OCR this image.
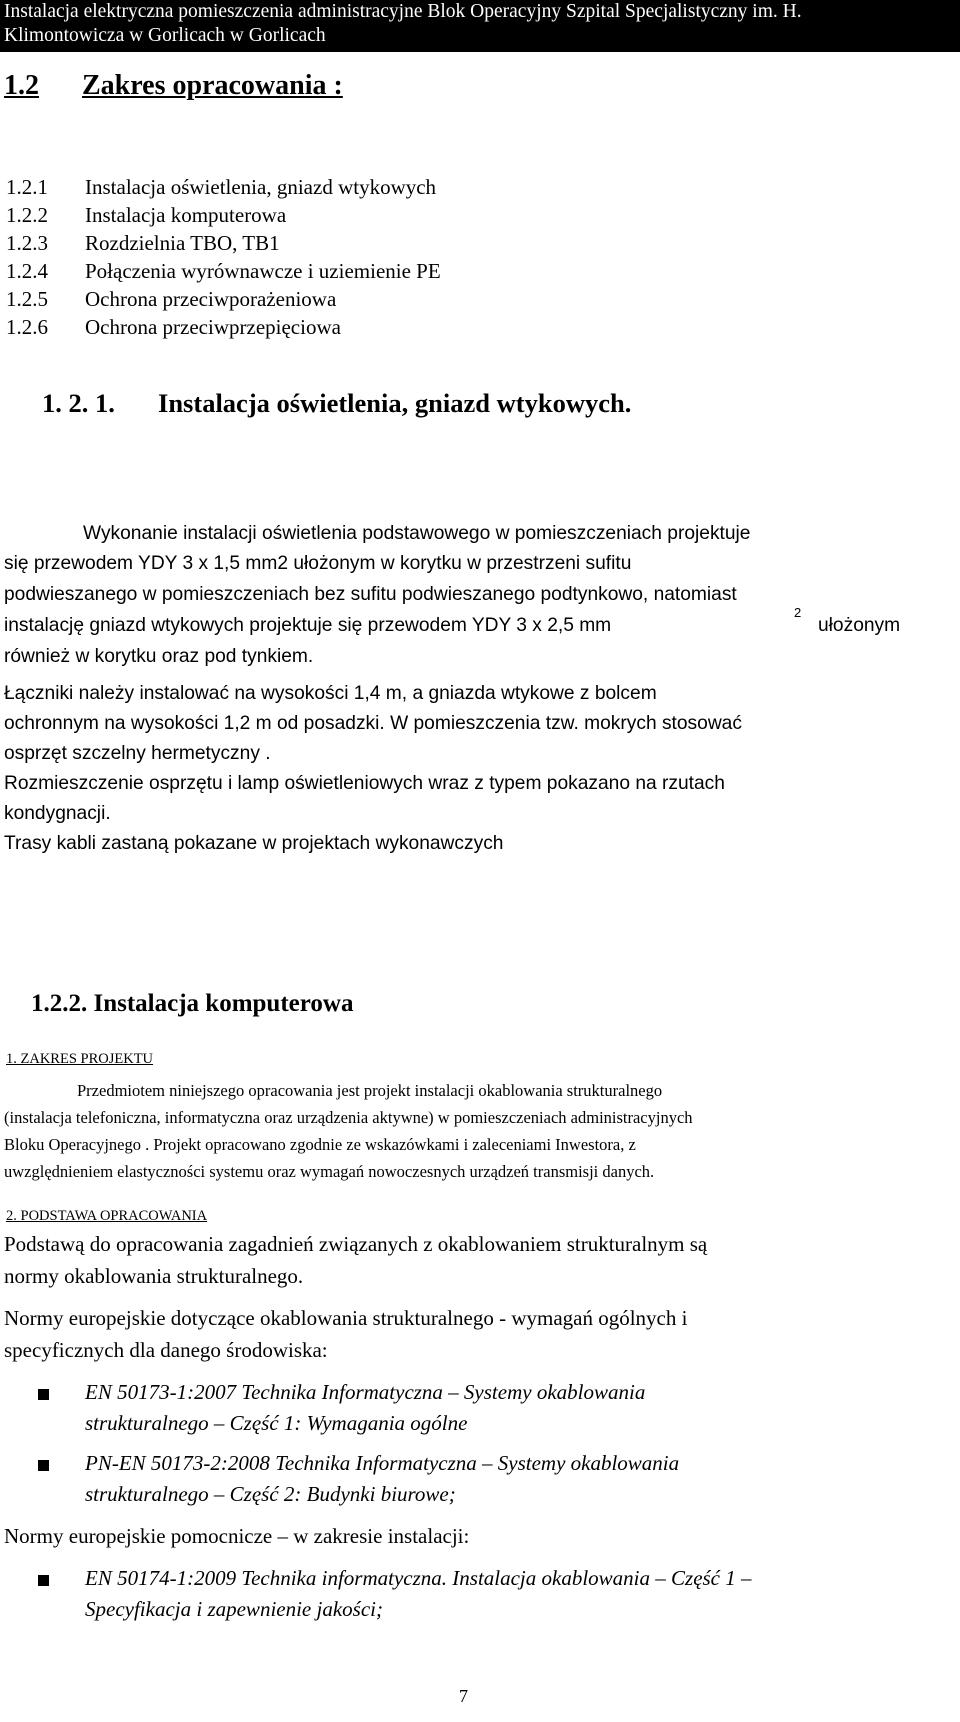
Instalacja elektryczna pomieszczenia administracyjne Blok Operacyjny Szpital Specjalistyczny im. H.
Klimontowicza w Gorlicach w Gorlicach
1.2 Zakres opracowania :
1.2.1 Instalacja oświetlenia, gniazd wtykowych
1.2.2 Instalacja komputerowa
1.2.3 Rozdzielnia TBO, TB1
1.2.4 Połączenia wyrównawcze i uziemienie PE
1.2.5 Ochrona przeciwporażeniowa
1.2.6 Ochrona przeciwprzepięciowa
1. 2. 1. Instalacja oświetlenia, gniazd wtykowych.
Wykonanie instalacji oświetlenia podstawowego w pomieszczeniach projektuje
się przewodem YDY 3 x 1,5 mm2 ułożonym w korytku w przestrzeni sufitu
podwieszanego w pomieszczeniach bez sufitu podwieszanego podtynkowo, natomiast
instalację gniazd wtykowych projektuje się przewodem YDY 3 x 2,5 mm
2
ułożonym
również w korytku oraz pod tynkiem.
Łączniki należy instalować na wysokości 1,4 m, a gniazda wtykowe z bolcem
ochronnym na wysokości 1,2 m od posadzki. W pomieszczenia tzw. mokrych stosować
osprzęt szczelny hermetyczny .
Rozmieszczenie osprzętu i lamp oświetleniowych wraz z typem pokazano na rzutach
kondygnacji.
Trasy kabli zastaną pokazane w projektach wykonawczych
1.2.2. Instalacja komputerowa
1. ZAKRES PROJEKTU
Przedmiotem niniejszego opracowania jest projekt instalacji okablowania strukturalnego
(instalacja telefoniczna, informatyczna oraz urządzenia aktywne) w pomieszczeniach administracyjnych
Bloku Operacyjnego . Projekt opracowano zgodnie ze wskazówkami i zaleceniami Inwestora, z
uwzględnieniem elastyczności systemu oraz wymagań nowoczesnych urządzeń transmisji danych.
2. PODSTAWA OPRACOWANIA
Podstawą do opracowania zagadnień związanych z okablowaniem strukturalnym są
normy okablowania strukturalnego.
Normy europejskie dotyczące okablowania strukturalnego - wymagań ogólnych i
specyficznych dla danego środowiska:
EN 50173-1:2007 Technika Informatyczna – Systemy okablowania
strukturalnego – Część 1: Wymagania ogólne
PN-EN 50173-2:2008 Technika Informatyczna – Systemy okablowania
strukturalnego – Część 2: Budynki biurowe;
Normy europejskie pomocnicze – w zakresie instalacji:
EN 50174-1:2009 Technika informatyczna. Instalacja okablowania – Część 1 –
Specyfikacja i zapewnienie jakości;
7
